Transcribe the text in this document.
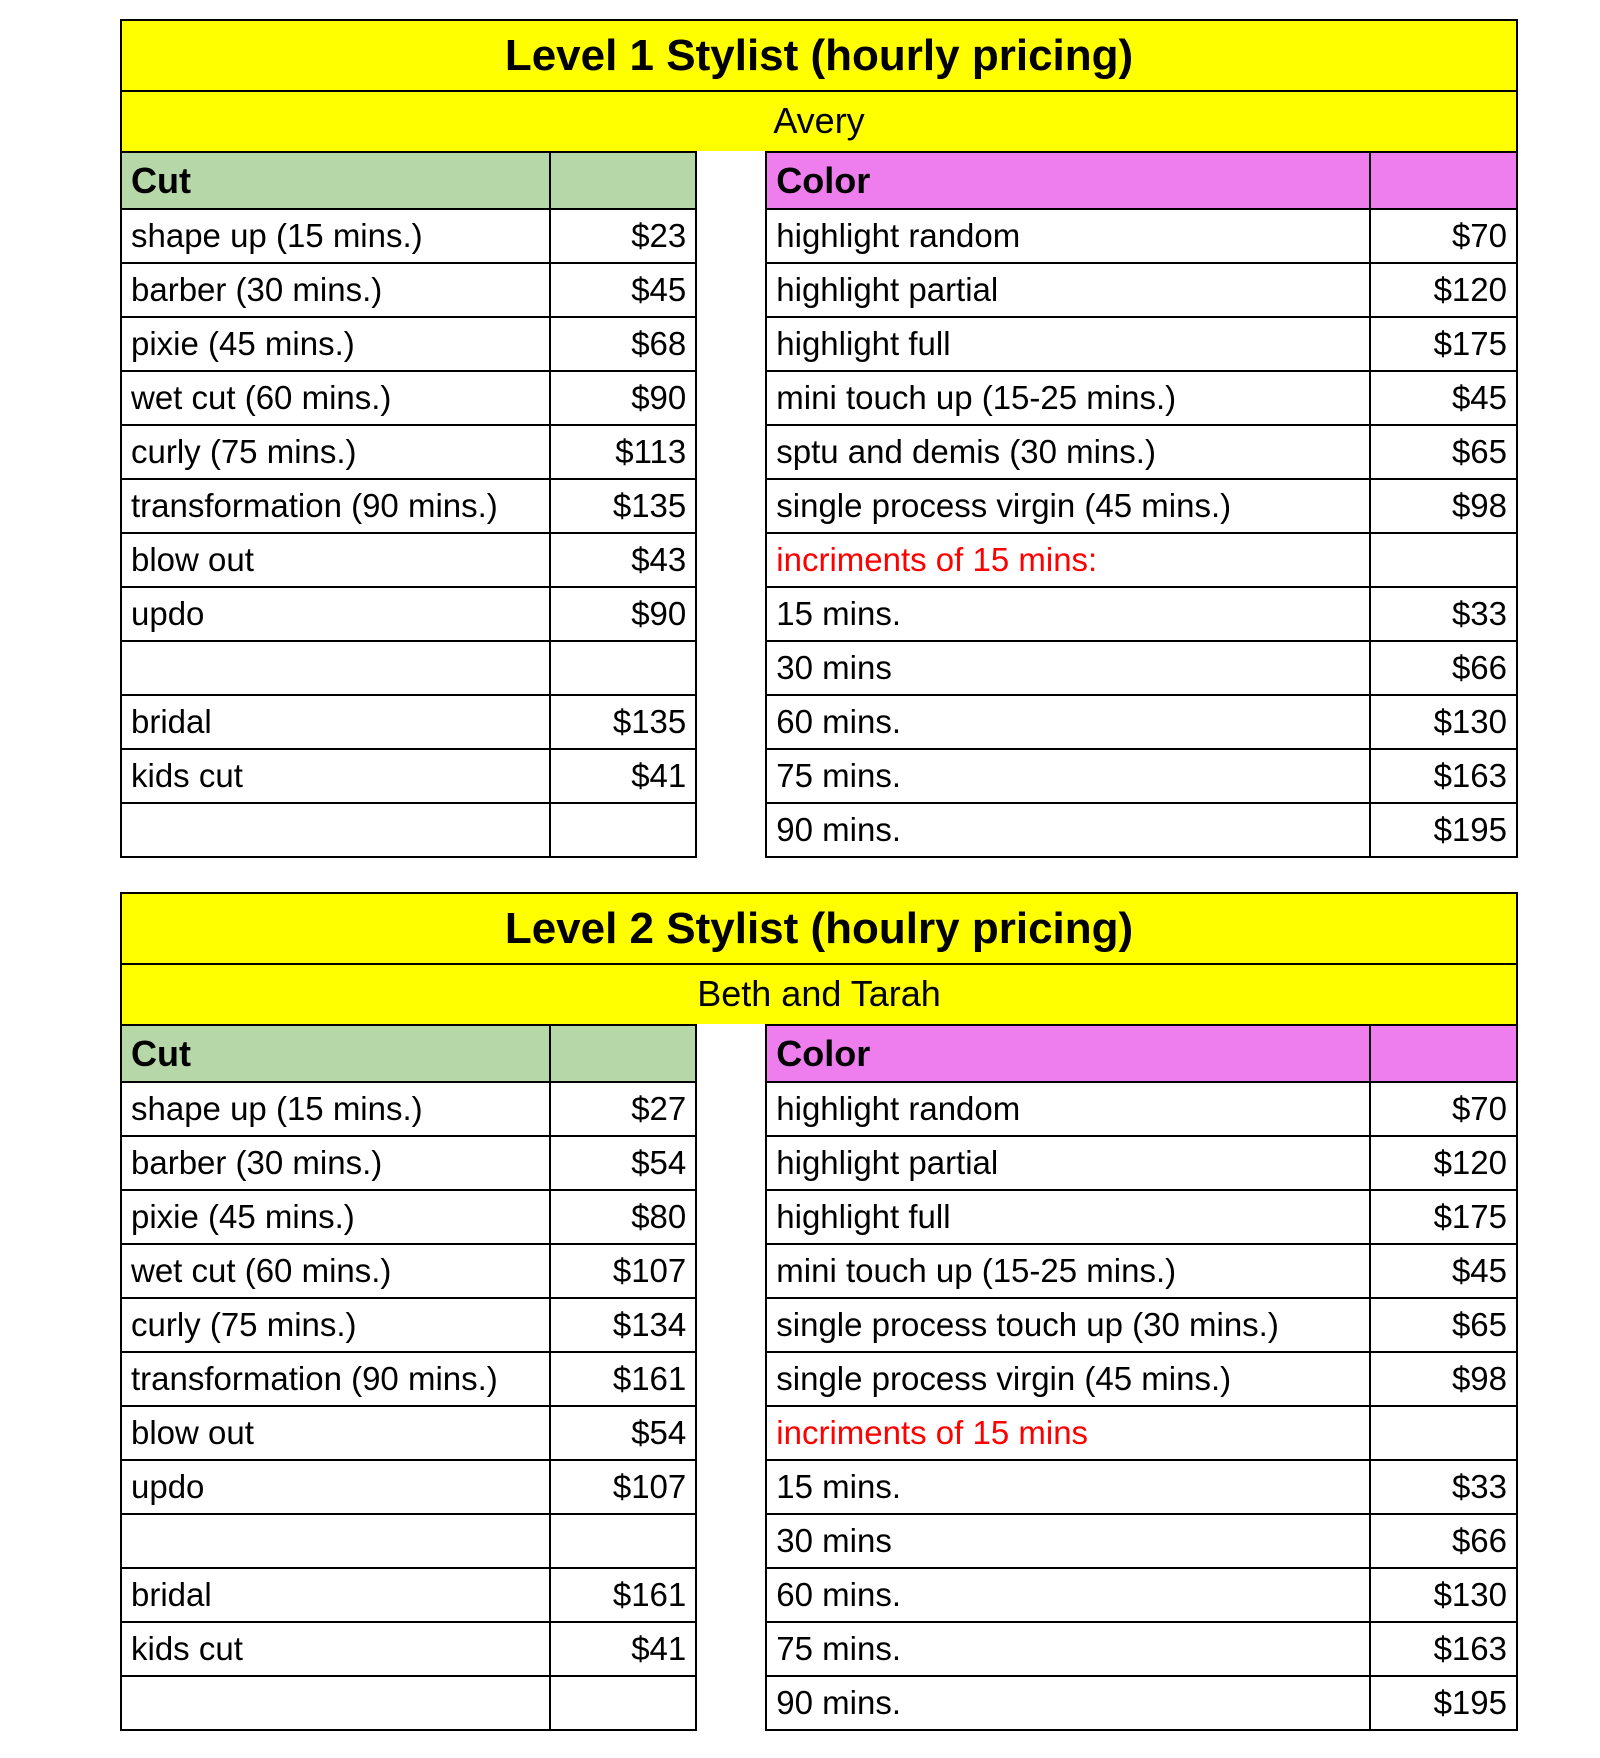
Level 1 Stylist (hourly pricing)
Avery
Cut	
shape up (15 mins.)	$23
barber (30 mins.)	$45
pixie (45 mins.)	$68
wet cut (60 mins.)	$90
curly (75 mins.)	$113
transformation (90 mins.)	$135
blow out	$43
updo	$90

bridal	$135
kids cut	$41

Color	
highlight random	$70
highlight partial	$120
highlight full	$175
mini touch up (15-25 mins.)	$45
sptu and demis (30 mins.)	$65
single process virgin (45 mins.)	$98
incriments of 15 mins:	
15 mins.	$33
30 mins	$66
60 mins.	$130
75 mins.	$163
90 mins.	$195
Level 2 Stylist (houlry pricing)
Beth and Tarah
Cut	
shape up (15 mins.)	$27
barber (30 mins.)	$54
pixie (45 mins.)	$80
wet cut (60 mins.)	$107
curly (75 mins.)	$134
transformation (90 mins.)	$161
blow out	$54
updo	$107

bridal	$161
kids cut	$41

Color	
highlight random	$70
highlight partial	$120
highlight full	$175
mini touch up (15-25 mins.)	$45
single process touch up (30 mins.)	$65
single process virgin (45 mins.)	$98
incriments of 15 mins	
15 mins.	$33
30 mins	$66
60 mins.	$130
75 mins.	$163
90 mins.	$195
